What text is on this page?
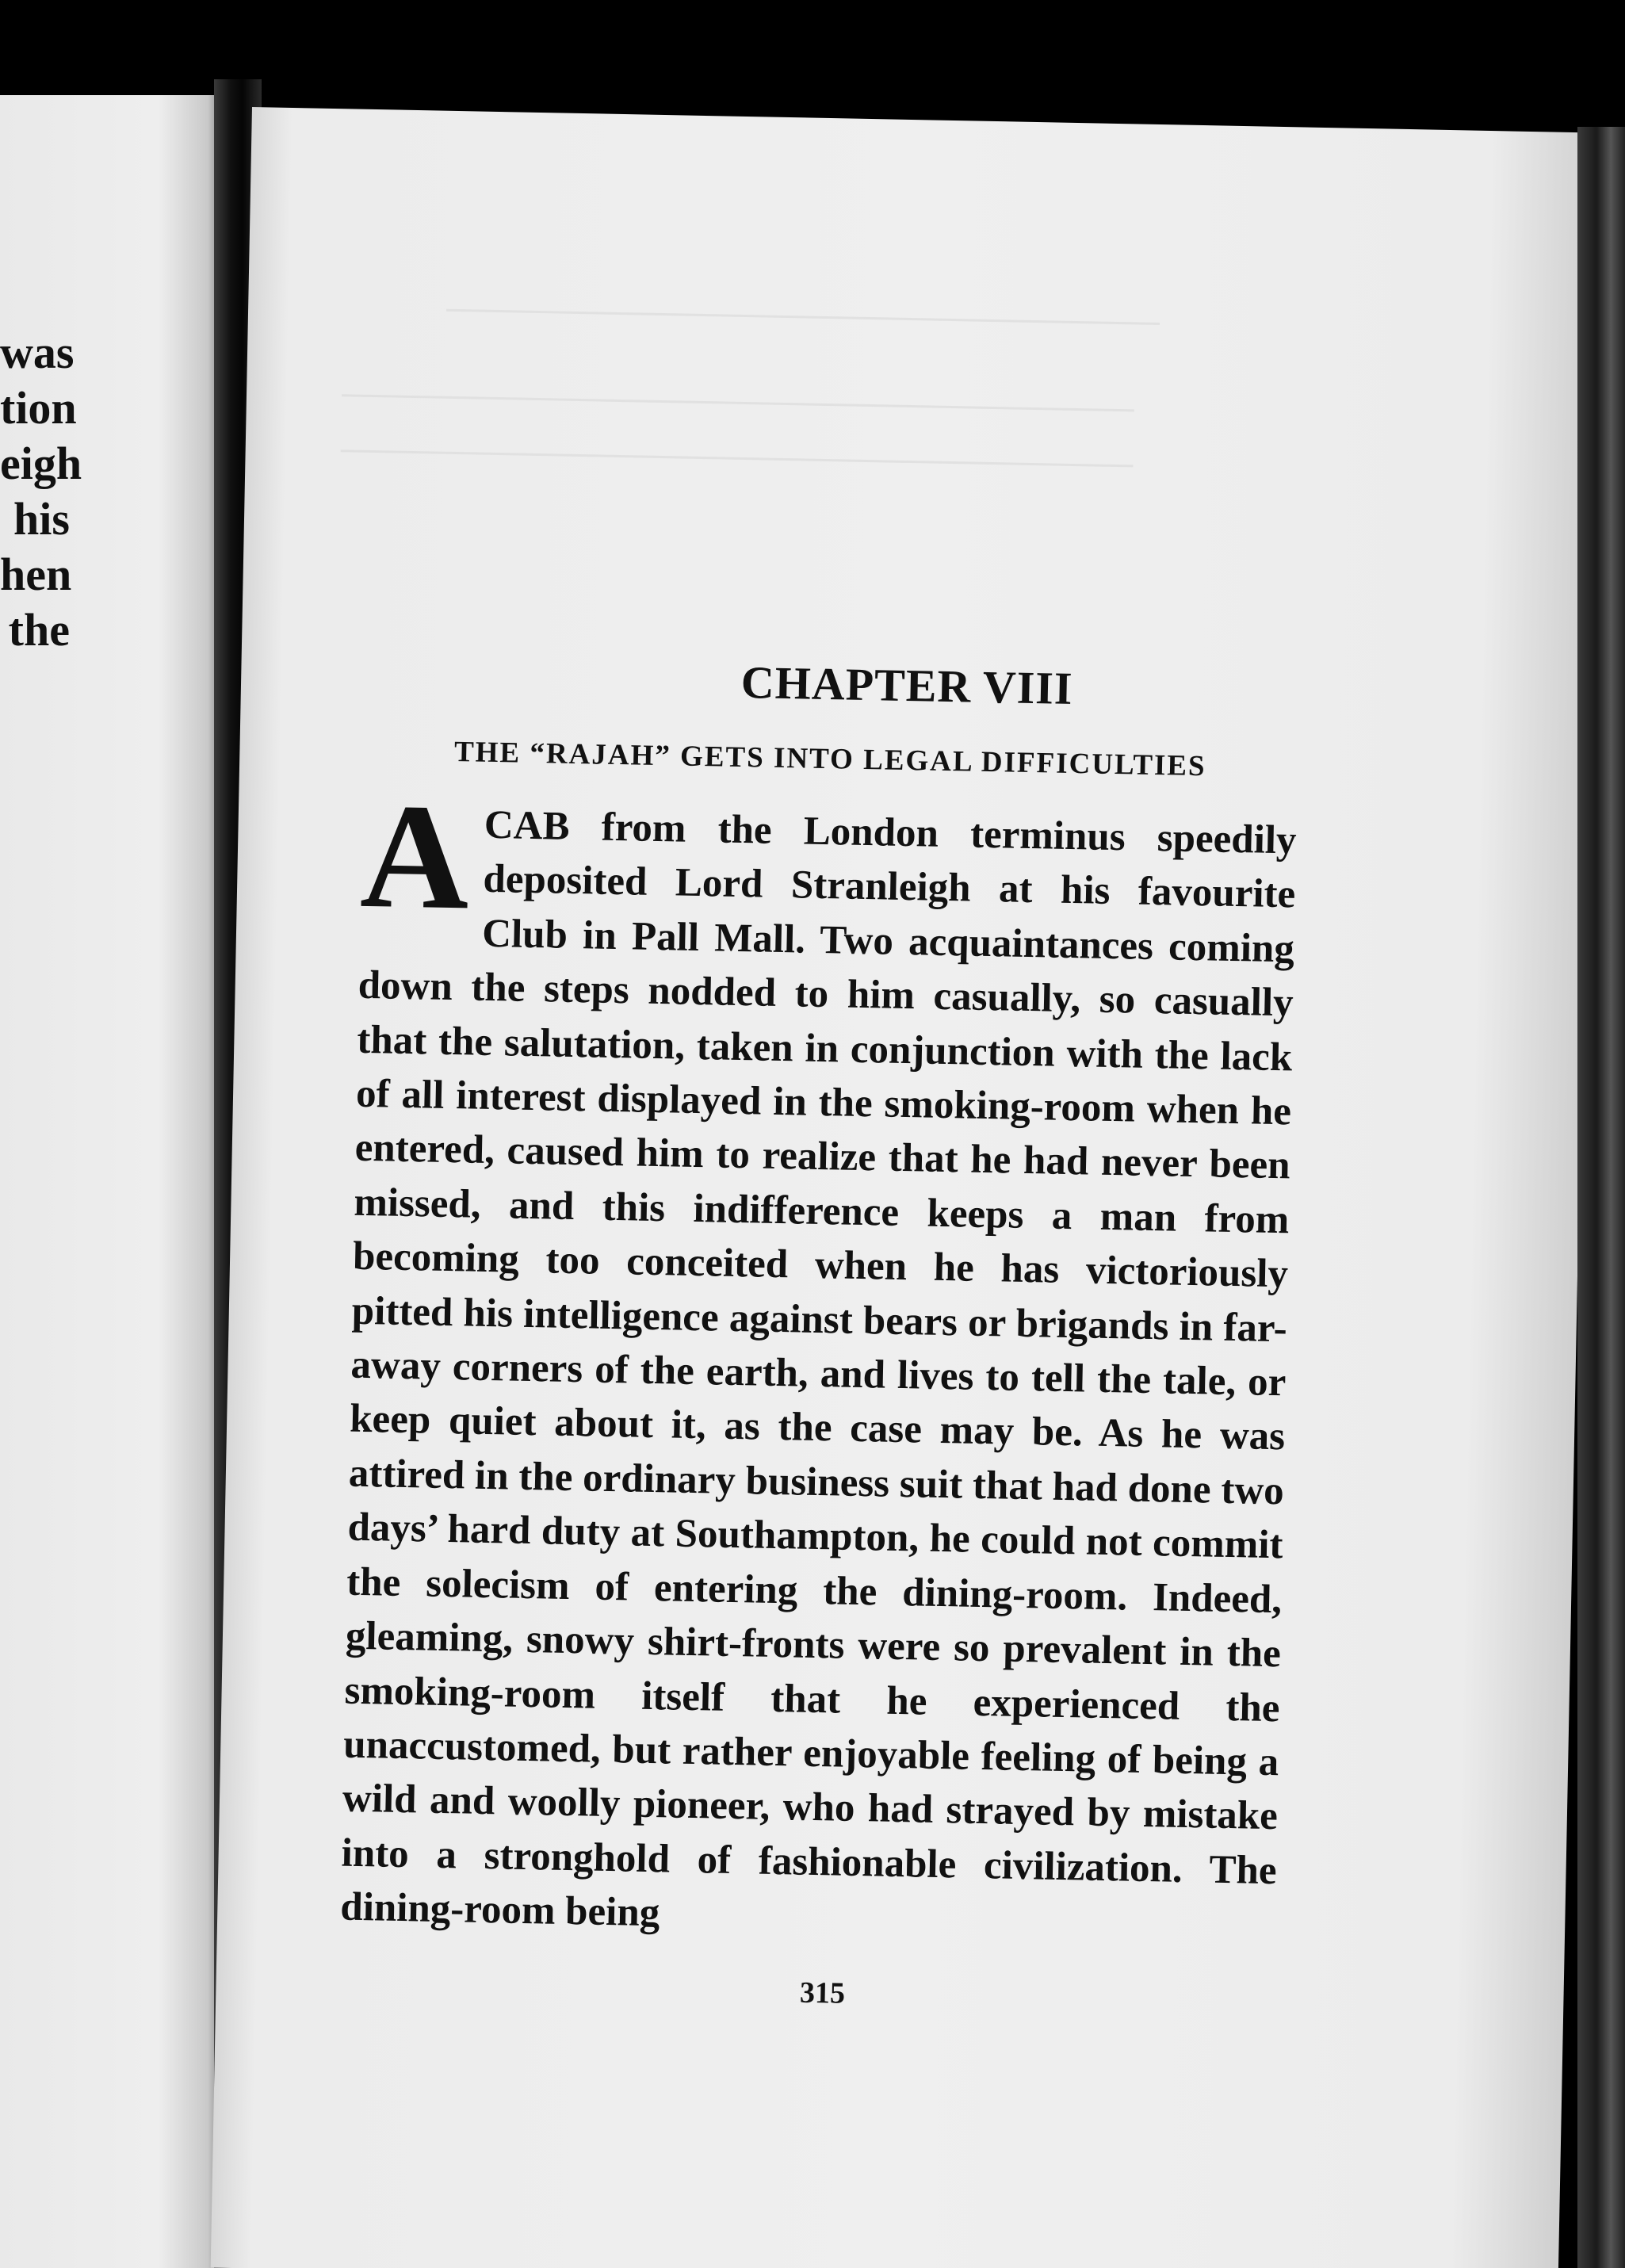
was
tion
eigh
his
hen
the
CHAPTER VIII
THE “RAJAH” GETS INTO LEGAL DIFFICULTIES

A CAB from the London terminus speedily deposited Lord Stranleigh at his favourite Club in Pall Mall. Two acquaintances coming down the steps nodded to him casually, so casually that the salutation, taken in conjunction with the lack of all interest displayed in the smoking-room when he entered, caused him to realize that he had never been missed, and this indifference keeps a man from becoming too conceited when he has victoriously pitted his intelligence against bears or brigands in far-away corners of the earth, and lives to tell the tale, or keep quiet about it, as the case may be. As he was attired in the ordinary business suit that had done two days’ hard duty at Southampton, he could not commit the solecism of entering the dining-room. Indeed, gleaming, snowy shirt-fronts were so prevalent in the smoking-room itself that he experienced the unaccustomed, but rather enjoyable feeling of being a wild and woolly pioneer, who had strayed by mistake into a stronghold of fashionable civilization. The dining-room being

315
